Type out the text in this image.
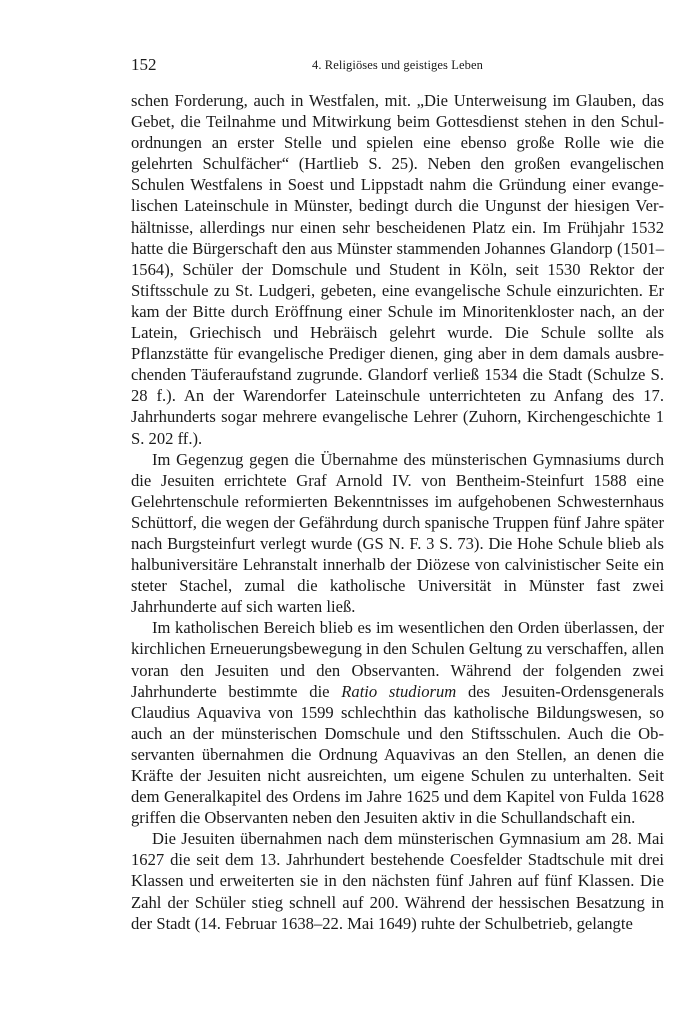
152	4. Religiöses und geistiges Leben

schen Forderung, auch in Westfalen, mit. „Die Unterweisung im Glauben, das Gebet, die Teilnahme und Mitwirkung beim Gottesdienst stehen in den Schulordnungen an erster Stelle und spielen eine ebenso große Rolle wie die gelehrten Schulfächer“ (Hartlieb S. 25). Neben den großen evangelischen Schulen Westfalens in Soest und Lippstadt nahm die Gründung einer evangelischen Lateinschule in Münster, bedingt durch die Ungunst der hiesigen Verhältnisse, allerdings nur einen sehr bescheidenen Platz ein. Im Frühjahr 1532 hatte die Bürgerschaft den aus Münster stammenden Johannes Glandorp (1501–1564), Schüler der Domschule und Student in Köln, seit 1530 Rektor der Stiftsschule zu St. Ludgeri, gebeten, eine evangelische Schule einzurichten. Er kam der Bitte durch Eröffnung einer Schule im Minoritenkloster nach, an der Latein, Griechisch und Hebräisch gelehrt wurde. Die Schule sollte als Pflanzstätte für evangelische Prediger dienen, ging aber in dem damals ausbrechenden Täuferaufstand zugrunde. Glandorf verließ 1534 die Stadt (Schulze S. 28 f.). An der Warendorfer Lateinschule unterrichteten zu Anfang des 17. Jahrhunderts sogar mehrere evangelische Lehrer (Zuhorn, Kirchengeschichte 1 S. 202 ff.).

Im Gegenzug gegen die Übernahme des münsterischen Gymnasiums durch die Jesuiten errichtete Graf Arnold IV. von Bentheim-Steinfurt 1588 eine Gelehrtenschule reformierten Bekenntnisses im aufgehobenen Schwesternhaus Schüttorf, die wegen der Gefährdung durch spanische Truppen fünf Jahre später nach Burgsteinfurt verlegt wurde (GS N. F. 3 S. 73). Die Hohe Schule blieb als halbuniversitäre Lehranstalt innerhalb der Diözese von calvinistischer Seite ein steter Stachel, zumal die katholische Universität in Münster fast zwei Jahrhunderte auf sich warten ließ.

Im katholischen Bereich blieb es im wesentlichen den Orden überlassen, der kirchlichen Erneuerungsbewegung in den Schulen Geltung zu verschaffen, allen voran den Jesuiten und den Observanten. Während der folgenden zwei Jahrhunderte bestimmte die Ratio studiorum des Jesuiten-Ordensgenerals Claudius Aquaviva von 1599 schlechthin das katholische Bildungswesen, so auch an der münsterischen Domschule und den Stiftsschulen. Auch die Observanten übernahmen die Ordnung Aquavivas an den Stellen, an denen die Kräfte der Jesuiten nicht ausreichten, um eigene Schulen zu unterhalten. Seit dem Generalkapitel des Ordens im Jahre 1625 und dem Kapitel von Fulda 1628 griffen die Observanten neben den Jesuiten aktiv in die Schullandschaft ein.

Die Jesuiten übernahmen nach dem münsterischen Gymnasium am 28. Mai 1627 die seit dem 13. Jahrhundert bestehende Coesfelder Stadtschule mit drei Klassen und erweiterten sie in den nächsten fünf Jahren auf fünf Klassen. Die Zahl der Schüler stieg schnell auf 200. Während der hessischen Besatzung in der Stadt (14. Februar 1638–22. Mai 1649) ruhte der Schulbetrieb, gelangte
